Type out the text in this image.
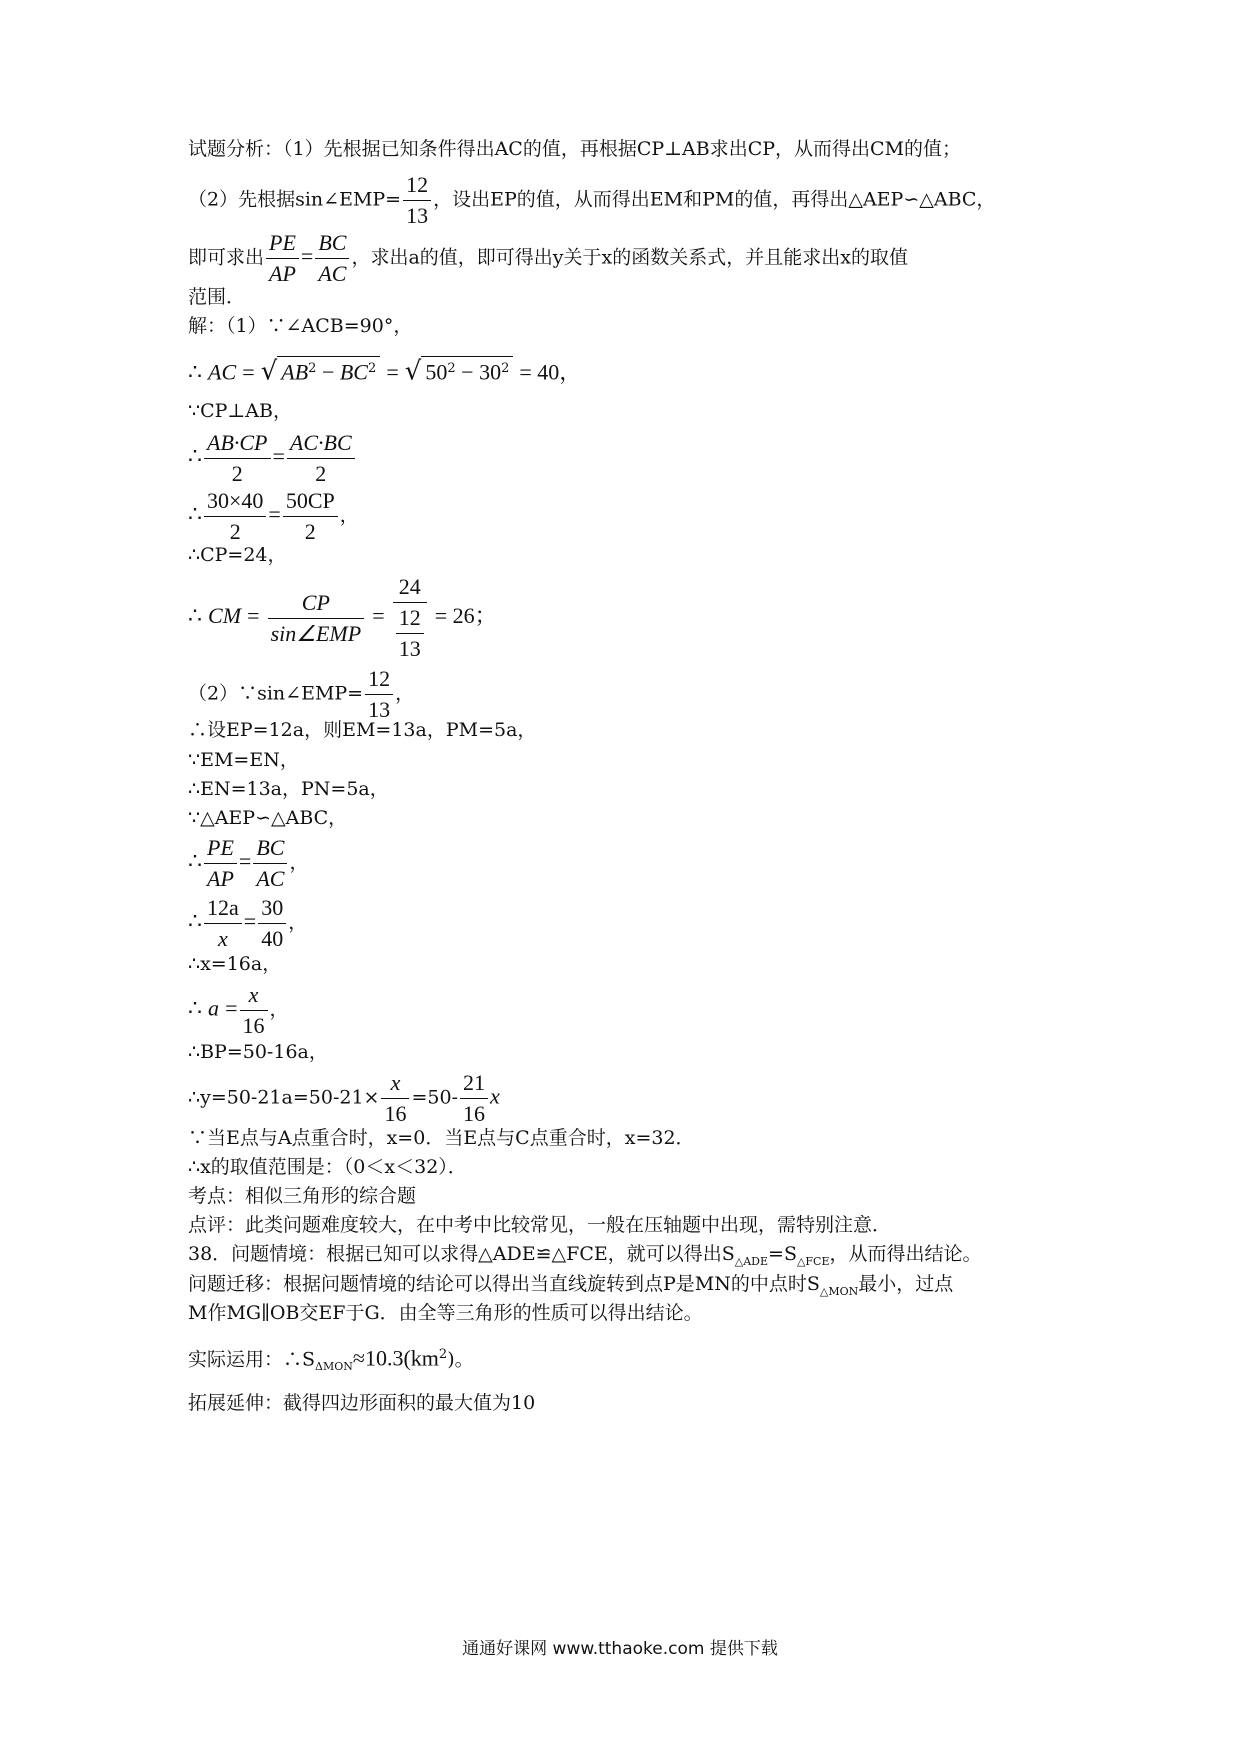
试题分析：（1）先根据已知条件得出AC的值，再根据CP⊥AB求出CP，从而得出CM的值；
（2）先根据sin∠EMP= $\frac{12}{13}$ ，设出EP的值，从而得出EM和PM的值，再得出△AEP∽△ABC，
即可求出 $\frac{PE}{AP} = \frac{BC}{AC}$ ，求出a的值，即可得出y关于x的函数关系式，并且能求出x的取值
范围．
解：（1）∵∠ACB=90°，
∴ AC = √ $AB^2 - BC^2$ = √ $50^2 - 30^2 = 40$，
∵CP⊥AB，
∴ $\frac{AB\cdot CP}{2} = \frac{AC\cdot BC}{2}$
∴ $\frac{30\times 40}{2} = \frac{50CP}{2}$ ，
∴CP=24，
∴ CM = $\frac{CP}{\text{sin∠EMP}} = \frac{24}{\frac{12}{13}} = 26$；
（2）∵sin∠EMP= $\frac{12}{13}$ ，
∴设EP=12a，则EM=13a，PM=5a，
∵EM=EN，
∴EN=13a，PN=5a，
∵△AEP∽△ABC，
∴ $\frac{PE}{AP} = \frac{BC}{AC}$ ，
∴ $\frac{12a}{x} = \frac{30}{40}$ ，
∴x=16a，
∴ $a = \frac{x}{16}$ ，
∴BP=50-16a，
∴y=50-21a=50-21× $\frac{x}{16} =50- \frac{21}{16}$ x
∵当E点与A点重合时，x=0．当E点与C点重合时，x=32．
∴x的取值范围是：（0＜x＜32）．
考点：相似三角形的综合题
点评：此类问题难度较大，在中考中比较常见，一般在压轴题中出现，需特别注意．
38．问题情境：根据已知可以求得△ADE≌△FCE，就可以得出$S_{\triangle ADE}=S_{\triangle FCE}$，从而得出结论。
问题迁移：根据问题情境的结论可以得出当直线旋转到点P是MN的中点时$S_{\triangle MON}$最小，过点
M作MG∥OB交EF于G．由全等三角形的性质可以得出结论。
实际运用：$\therefore S_{\Delta MON}\approx 10.3(km^2)$。
拓展延伸：截得四边形面积的最大值为10
通通好课网 www.tthaoke.com 提供下载
